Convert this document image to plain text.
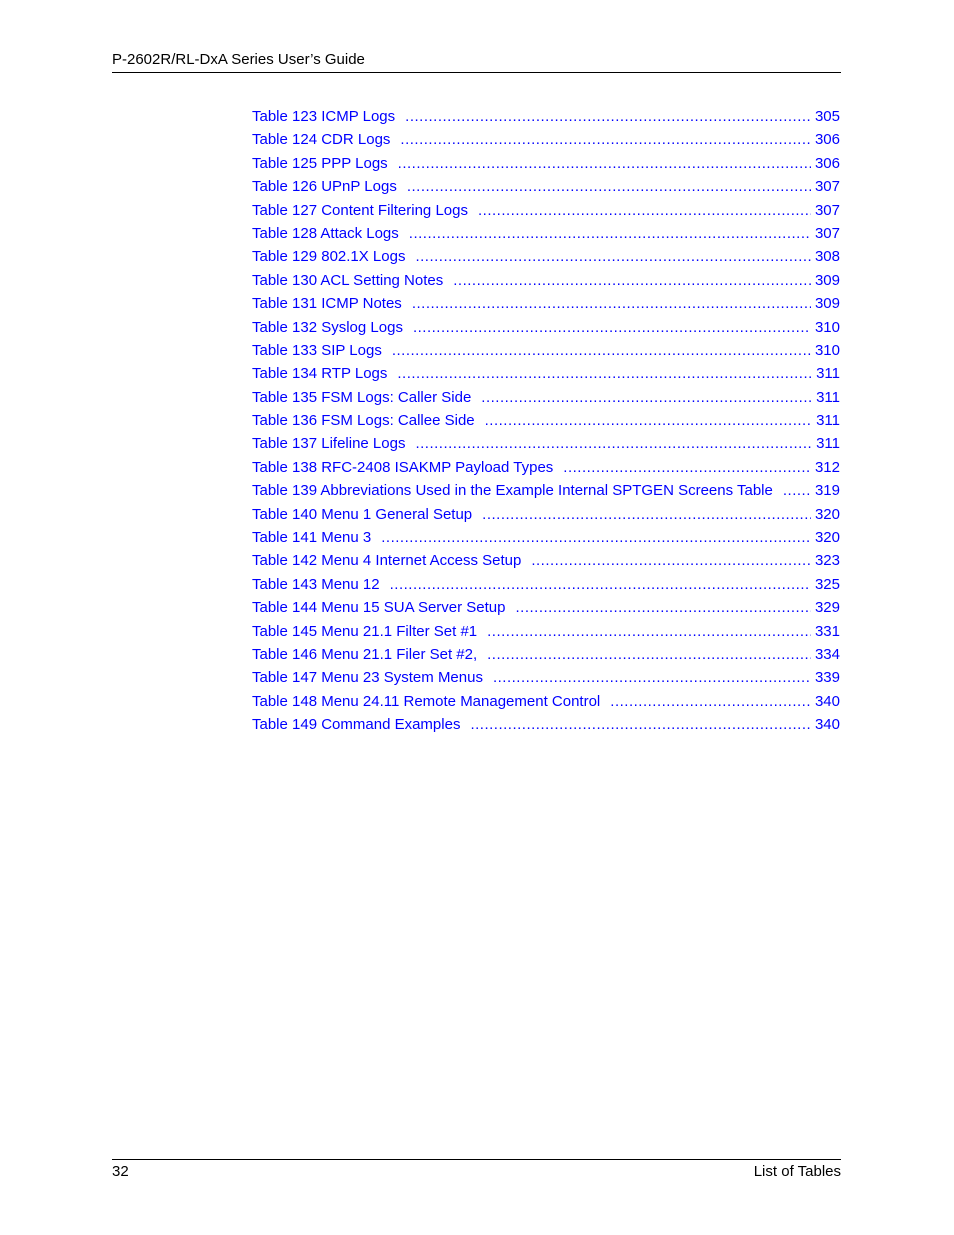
P-2602R/RL-DxA Series User’s Guide
Table 123 ICMP Logs .....	305
Table 124 CDR Logs .....	306
Table 125 PPP Logs .....	306
Table 126 UPnP Logs .....	307
Table 127 Content Filtering Logs .....	307
Table 128 Attack Logs .....	307
Table 129 802.1X Logs .....	308
Table 130 ACL Setting Notes .....	309
Table 131 ICMP Notes .....	309
Table 132 Syslog Logs .....	310
Table 133 SIP Logs .....	310
Table 134 RTP Logs .....	311
Table 135 FSM Logs: Caller Side .....	311
Table 136 FSM Logs: Callee Side .....	311
Table 137 Lifeline Logs .....	311
Table 138 RFC-2408 ISAKMP Payload Types .....	312
Table 139 Abbreviations Used in the Example Internal SPTGEN Screens Table .....	319
Table 140 Menu 1 General Setup .....	320
Table 141 Menu 3 .....	320
Table 142 Menu 4 Internet Access Setup .....	323
Table 143 Menu 12 .....	325
Table 144 Menu 15 SUA Server Setup .....	329
Table 145 Menu 21.1 Filter Set #1 .....	331
Table 146 Menu 21.1 Filer Set #2, .....	334
Table 147 Menu 23 System Menus .....	339
Table 148 Menu 24.11 Remote Management Control .....	340
Table 149 Command Examples .....	340
32	List of Tables
